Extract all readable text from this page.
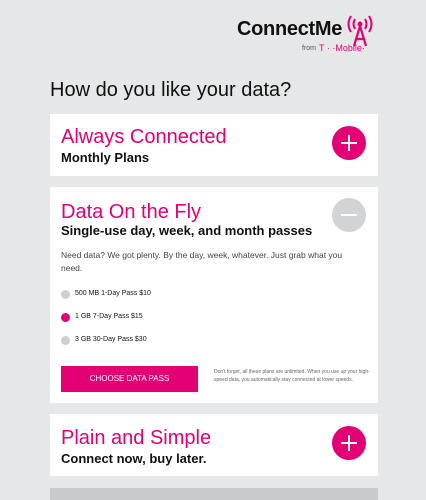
ConnectMe
from T · ·Mobile·
How do you like your data?
Always Connected
Monthly Plans
Data On the Fly
Single-use day, week, and month passes
Need data? We got plenty. By the day, week, whatever. Just grab what you need.
500 MB 1-Day Pass $10
1 GB 7-Day Pass $15
3 GB 30-Day Pass $30
CHOOSE DATA PASS
Don't forget, all these plans are unlimited. When you use up your high-speed data, you automatically stay connected at lower speeds.
Plain and Simple
Connect now, buy later.
